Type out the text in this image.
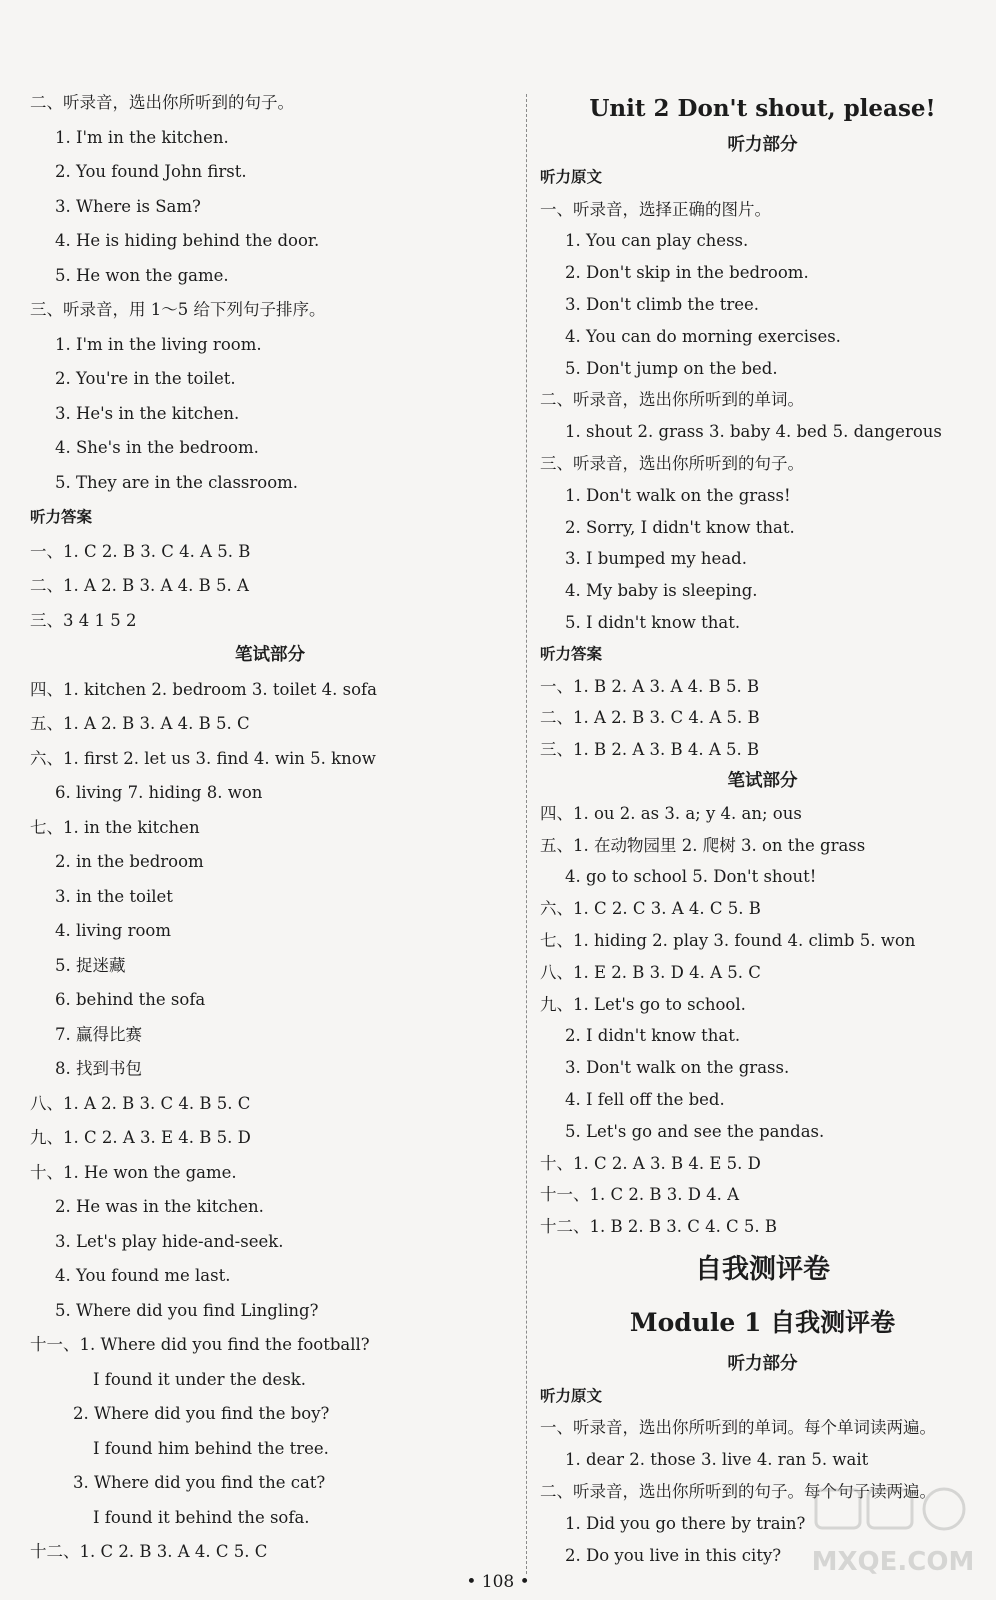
二、听录音，选出你所听到的句子。
1. I'm in the kitchen.
2. You found John first.
3. Where is Sam?
4. He is hiding behind the door.
5. He won the game.
三、听录音，用 1～5 给下列句子排序。
1. I'm in the living room.
2. You're in the toilet.
3. He's in the kitchen.
4. She's in the bedroom.
5. They are in the classroom.
听力答案
一、1. C 2. B 3. C 4. A 5. B
二、1. A 2. B 3. A 4. B 5. A
三、3 4 1 5 2
笔试部分
四、1. kitchen 2. bedroom 3. toilet 4. sofa
五、1. A 2. B 3. A 4. B 5. C
六、1. first 2. let us 3. find 4. win 5. know
6. living 7. hiding 8. won
七、1. in the kitchen
2. in the bedroom
3. in the toilet
4. living room
5. 捉迷藏
6. behind the sofa
7. 赢得比赛
8. 找到书包
八、1. A 2. B 3. C 4. B 5. C
九、1. C 2. A 3. E 4. B 5. D
十、1. He won the game.
2. He was in the kitchen.
3. Let's play hide-and-seek.
4. You found me last.
5. Where did you find Lingling?
十一、1. Where did you find the football?
I found it under the desk.
2. Where did you find the boy?
I found him behind the tree.
3. Where did you find the cat?
I found it behind the sofa.
十二、1. C 2. B 3. A 4. C 5. C
Unit 2 Don't shout, please!
听力部分
听力原文
一、听录音，选择正确的图片。
1. You can play chess.
2. Don't skip in the bedroom.
3. Don't climb the tree.
4. You can do morning exercises.
5. Don't jump on the bed.
二、听录音，选出你所听到的单词。
1. shout 2. grass 3. baby 4. bed 5. dangerous
三、听录音，选出你所听到的句子。
1. Don't walk on the grass!
2. Sorry, I didn't know that.
3. I bumped my head.
4. My baby is sleeping.
5. I didn't know that.
听力答案
一、1. B 2. A 3. A 4. B 5. B
二、1. A 2. B 3. C 4. A 5. B
三、1. B 2. A 3. B 4. A 5. B
笔试部分
四、1. ou 2. as 3. a; y 4. an; ous
五、1. 在动物园里 2. 爬树 3. on the grass
4. go to school 5. Don't shout!
六、1. C 2. C 3. A 4. C 5. B
七、1. hiding 2. play 3. found 4. climb 5. won
八、1. E 2. B 3. D 4. A 5. C
九、1. Let's go to school.
2. I didn't know that.
3. Don't walk on the grass.
4. I fell off the bed.
5. Let's go and see the pandas.
十、1. C 2. A 3. B 4. E 5. D
十一、1. C 2. B 3. D 4. A
十二、1. B 2. B 3. C 4. C 5. B
自我测评卷
Module 1 自我测评卷
听力部分
听力原文
一、听录音，选出你所听到的单词。每个单词读两遍。
1. dear 2. those 3. live 4. ran 5. wait
二、听录音，选出你所听到的句子。每个句子读两遍。
1. Did you go there by train?
2. Do you live in this city?
• 108 •
MXQE.COM
